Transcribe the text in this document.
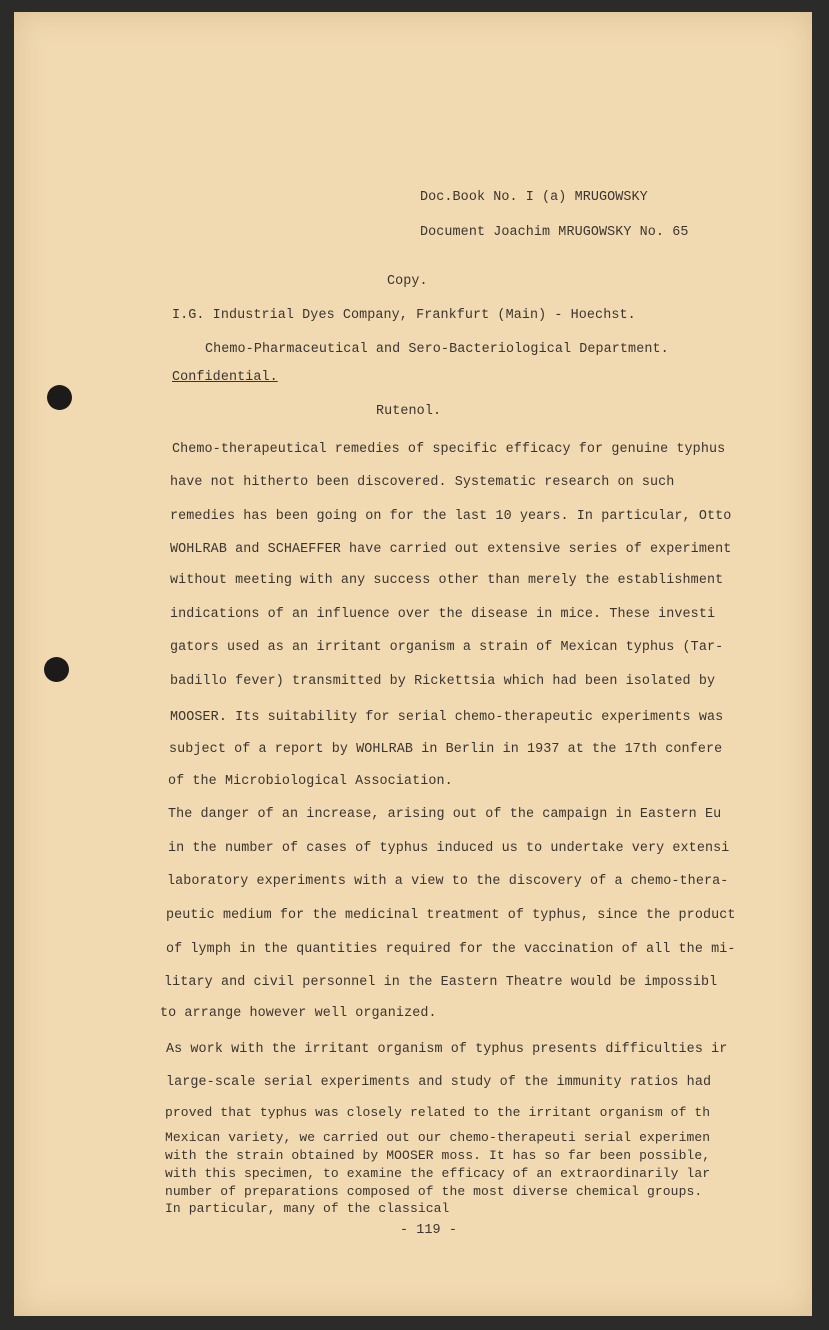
Doc.Book No. I (a) MRUGOWSKY
Document Joachim MRUGOWSKY No. 65
Copy.
I.G. Industrial Dyes Company, Frankfurt (Main) - Hoechst.
Chemo-Pharmaceutical and Sero-Bacteriological Department.
Confidential.
Rutenol.
Chemo-therapeutical remedies of specific efficacy for genuine typhus
have not hitherto been discovered. Systematic research on such
remedies has been going on for the last 10 years. In particular, Otto
WOHLRAB and SCHAEFFER have carried out extensive series of experiment
without meeting with any success other than merely the establishment
indications of an influence over the disease in mice. These investi
gators used as an irritant organism a strain of Mexican typhus (Tar-
badillo fever) transmitted by Rickettsia which had been isolated by
MOOSER. Its suitability for serial chemo-therapeutic experiments was
subject of a report by WOHLRAB in Berlin in 1937 at the 17th confere
of the Microbiological Association.
The danger of an increase, arising out of the campaign in Eastern Eu
in the number of cases of typhus induced us to undertake very extensi
laboratory experiments with a view to the discovery of a chemo-thera-
peutic medium for the medicinal treatment of typhus, since the product
of lymph in the quantities required for the vaccination of all the mi-
litary and civil personnel in the Eastern Theatre would be impossibl
to arrange however well organized.
As work with the irritant organism of typhus presents difficulties ir
large-scale serial experiments and study of the immunity ratios had
proved that typhus was closely related to the irritant organism of th
Mexican variety, we carried out our chemo-therapeuti serial experimen
with the strain obtained by MOOSER moss. It has so far been possible,
with this specimen, to examine the efficacy of an extraordinarily lar
number of preparations composed of the most diverse chemical groups.
In particular, many of the classical
- 119 -
